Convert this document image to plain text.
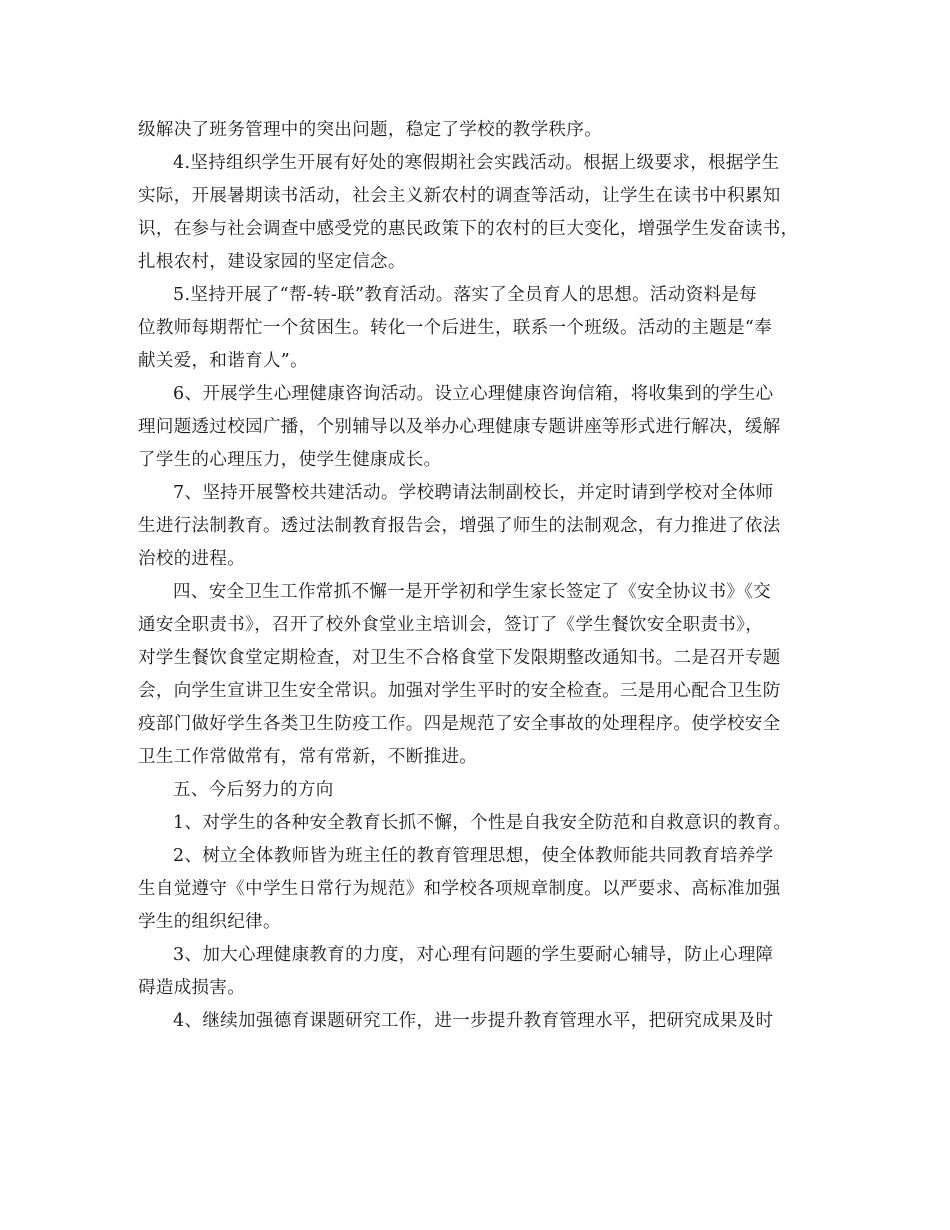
级解决了班务管理中的突出问题，稳定了学校的教学秩序。
4.坚持组织学生开展有好处的寒假期社会实践活动。根据上级要求，根据学生
实际，开展暑期读书活动，社会主义新农村的调查等活动，让学生在读书中积累知
识，在参与社会调查中感受党的惠民政策下的农村的巨大变化，增强学生发奋读书，
扎根农村，建设家园的坚定信念。
5.坚持开展了“帮-转-联”教育活动。落实了全员育人的思想。活动资料是每
位教师每期帮忙一个贫困生。转化一个后进生，联系一个班级。活动的主题是“奉
献关爱，和谐育人”。
6、开展学生心理健康咨询活动。设立心理健康咨询信箱，将收集到的学生心
理问题透过校园广播，个别辅导以及举办心理健康专题讲座等形式进行解决，缓解
了学生的心理压力，使学生健康成长。
7、坚持开展警校共建活动。学校聘请法制副校长，并定时请到学校对全体师
生进行法制教育。透过法制教育报告会，增强了师生的法制观念，有力推进了依法
治校的进程。
四、安全卫生工作常抓不懈一是开学初和学生家长签定了《安全协议书》《交
通安全职责书》，召开了校外食堂业主培训会，签订了《学生餐饮安全职责书》，
对学生餐饮食堂定期检查，对卫生不合格食堂下发限期整改通知书。二是召开专题
会，向学生宣讲卫生安全常识。加强对学生平时的安全检查。三是用心配合卫生防
疫部门做好学生各类卫生防疫工作。四是规范了安全事故的处理程序。使学校安全
卫生工作常做常有，常有常新，不断推进。
五、今后努力的方向
1、对学生的各种安全教育长抓不懈，个性是自我安全防范和自救意识的教育。
2、树立全体教师皆为班主任的教育管理思想，使全体教师能共同教育培养学
生自觉遵守《中学生日常行为规范》和学校各项规章制度。以严要求、高标准加强
学生的组织纪律。
3、加大心理健康教育的力度，对心理有问题的学生要耐心辅导，防止心理障
碍造成损害。
4、继续加强德育课题研究工作，进一步提升教育管理水平，把研究成果及时
